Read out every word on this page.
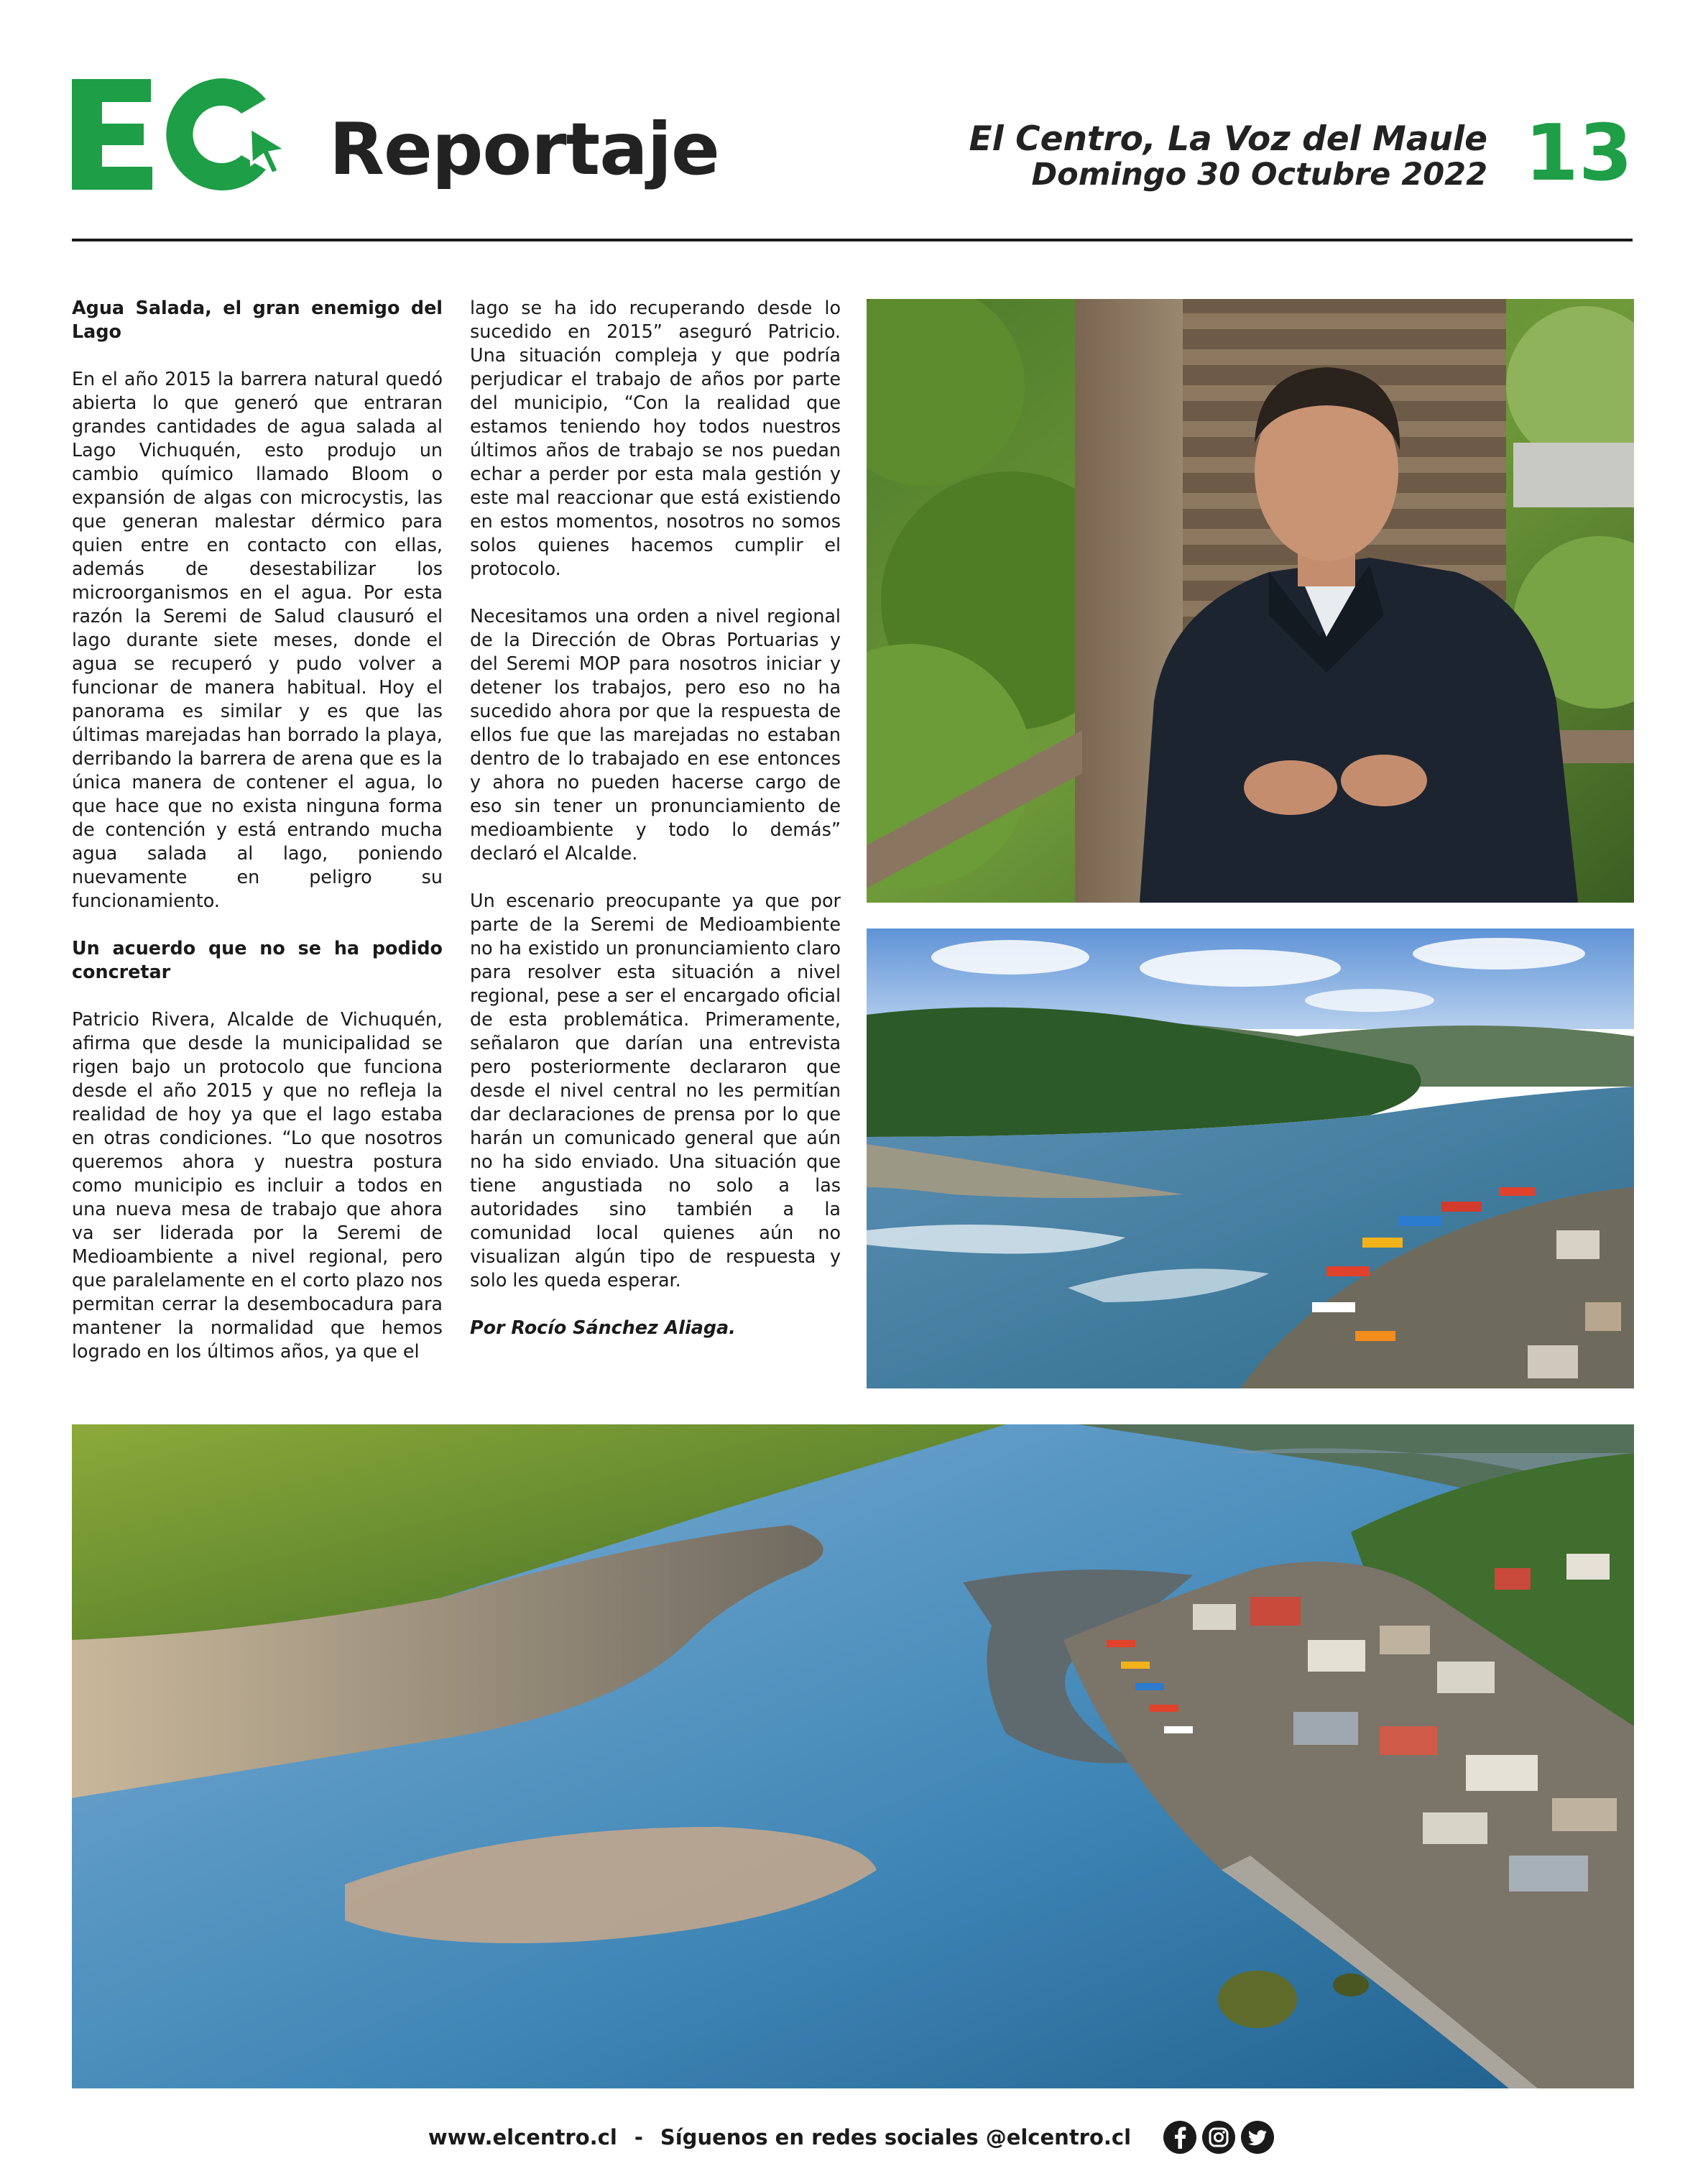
Reportaje	El Centro, La Voz del Maule
Domingo 30 Octubre 2022 13
Agua Salada, el gran enemigo del Lago

En el año 2015 la barrera natural quedó abierta lo que generó que entraran grandes cantidades de agua salada al Lago Vichuquén, esto produjo un cambio químico llamado Bloom o expansión de algas con microcystis, las que generan malestar dérmico para quien entre en contacto con ellas, además de desestabilizar los microorganismos en el agua. Por esta razón la Seremi de Salud clausuró el lago durante siete meses, donde el agua se recuperó y pudo volver a funcionar de manera habitual. Hoy el panorama es similar y es que las últimas marejadas han borrado la playa, derribando la barrera de arena que es la única manera de contener el agua, lo que hace que no exista ninguna forma de contención y está entrando mucha agua salada al lago, poniendo nuevamente en peligro su funcionamiento.

Un acuerdo que no se ha podido concretar

Patricio Rivera, Alcalde de Vichuquén, afirma que desde la municipalidad se rigen bajo un protocolo que funciona desde el año 2015 y que no refleja la realidad de hoy ya que el lago estaba en otras condiciones. “Lo que nosotros queremos ahora y nuestra postura como municipio es incluir a todos en una nueva mesa de trabajo que ahora va ser liderada por la Seremi de Medioambiente a nivel regional, pero que paralelamente en el corto plazo nos permitan cerrar la desembocadura para mantener la normalidad que hemos logrado en los últimos años, ya que el

lago se ha ido recuperando desde lo sucedido en 2015” aseguró Patricio. Una situación compleja y que podría perjudicar el trabajo de años por parte del municipio, “Con la realidad que estamos teniendo hoy todos nuestros últimos años de trabajo se nos puedan echar a perder por esta mala gestión y este mal reaccionar que está existiendo en estos momentos, nosotros no somos solos quienes hacemos cumplir el protocolo.

Necesitamos una orden a nivel regional de la Dirección de Obras Portuarias y del Seremi MOP para nosotros iniciar y detener los trabajos, pero eso no ha sucedido ahora por que la respuesta de ellos fue que las marejadas no estaban dentro de lo trabajado en ese entonces y ahora no pueden hacerse cargo de eso sin tener un pronunciamiento de medioambiente y todo lo demás” declaró el Alcalde.

Un escenario preocupante ya que por parte de la Seremi de Medioambiente no ha existido un pronunciamiento claro para resolver esta situación a nivel regional, pese a ser el encargado oficial de esta problemática. Primeramente, señalaron que darían una entrevista pero posteriormente declararon que desde el nivel central no les permitían dar declaraciones de prensa por lo que harán un comunicado general que aún no ha sido enviado. Una situación que tiene angustiada no solo a las autoridades sino también a la comunidad local quienes aún no visualizan algún tipo de respuesta y solo les queda esperar.

Por Rocío Sánchez Aliaga.

www.elcentro.cl - Síguenos en redes sociales @elcentro.cl
